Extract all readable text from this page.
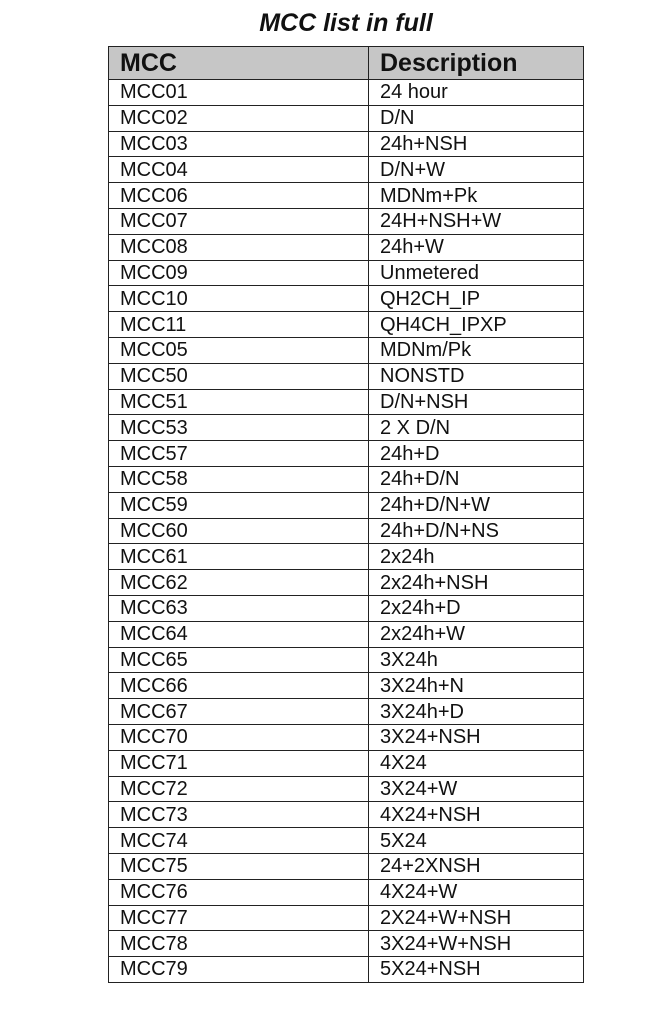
MCC list in full
MCC	Description
MCC01	24 hour
MCC02	D/N
MCC03	24h+NSH
MCC04	D/N+W
MCC06	MDNm+Pk
MCC07	24H+NSH+W
MCC08	24h+W
MCC09	Unmetered
MCC10	QH2CH_IP
MCC11	QH4CH_IPXP
MCC05	MDNm/Pk
MCC50	NONSTD
MCC51	D/N+NSH
MCC53	2 X D/N
MCC57	24h+D
MCC58	24h+D/N
MCC59	24h+D/N+W
MCC60	24h+D/N+NS
MCC61	2x24h
MCC62	2x24h+NSH
MCC63	2x24h+D
MCC64	2x24h+W
MCC65	3X24h
MCC66	3X24h+N
MCC67	3X24h+D
MCC70	3X24+NSH
MCC71	4X24
MCC72	3X24+W
MCC73	4X24+NSH
MCC74	5X24
MCC75	24+2XNSH
MCC76	4X24+W
MCC77	2X24+W+NSH
MCC78	3X24+W+NSH
MCC79	5X24+NSH
